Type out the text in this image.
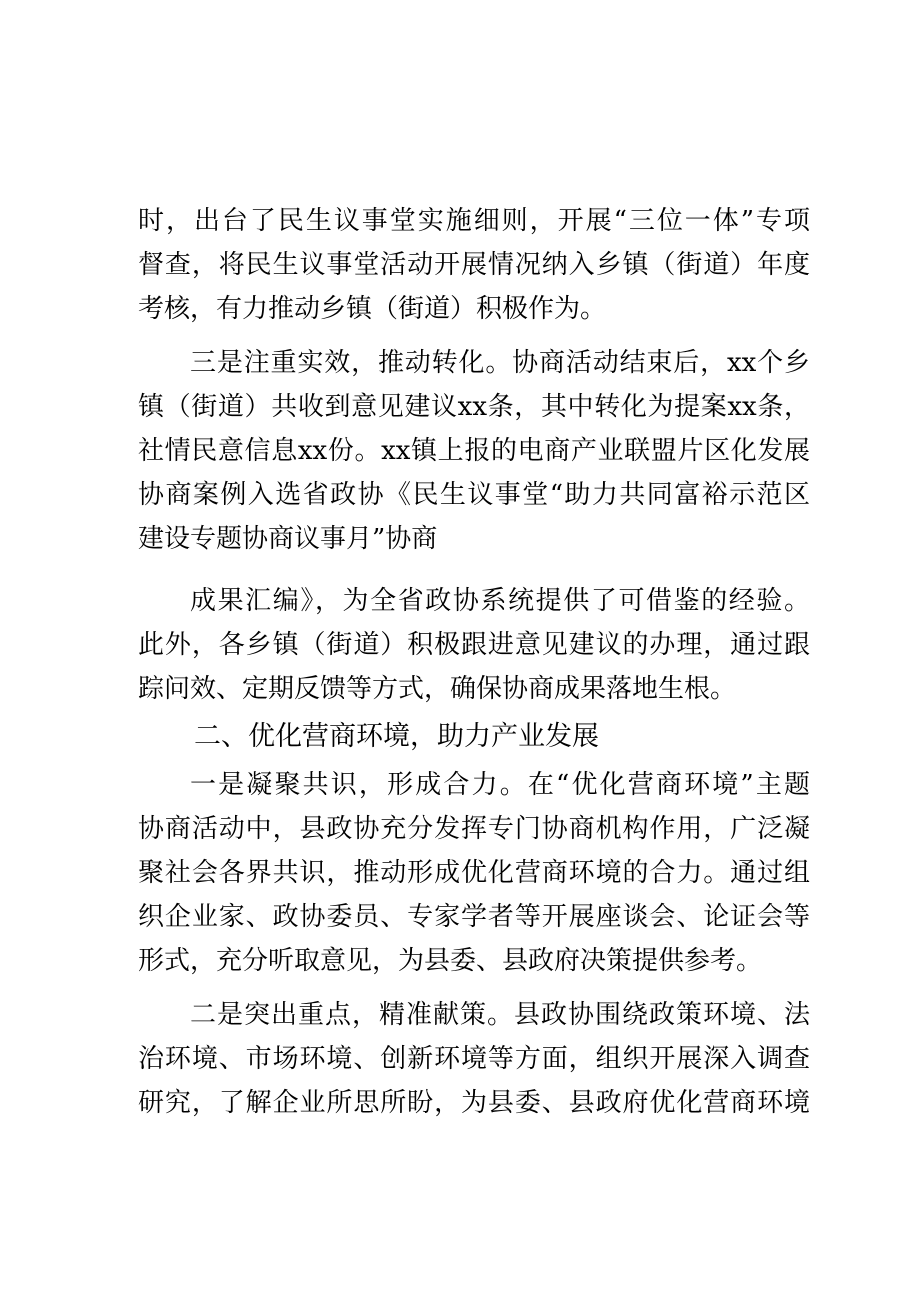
时，出台了民生议事堂实施细则，开展“三位一体”专项
督查，将民生议事堂活动开展情况纳入乡镇（街道）年度
考核，有力推动乡镇（街道）积极作为。
三是注重实效，推动转化。协商活动结束后，xx个乡
镇（街道）共收到意见建议xx条，其中转化为提案xx条，
社情民意信息xx份。xx镇上报的电商产业联盟片区化发展
协商案例入选省政协《民生议事堂“助力共同富裕示范区
建设专题协商议事月”协商
成果汇编》，为全省政协系统提供了可借鉴的经验。
此外，各乡镇（街道）积极跟进意见建议的办理，通过跟
踪问效、定期反馈等方式，确保协商成果落地生根。
二、优化营商环境，助力产业发展
一是凝聚共识，形成合力。在“优化营商环境”主题
协商活动中，县政协充分发挥专门协商机构作用，广泛凝
聚社会各界共识，推动形成优化营商环境的合力。通过组
织企业家、政协委员、专家学者等开展座谈会、论证会等
形式，充分听取意见，为县委、县政府决策提供参考。
二是突出重点，精准献策。县政协围绕政策环境、法
治环境、市场环境、创新环境等方面，组织开展深入调查
研究，了解企业所思所盼，为县委、县政府优化营商环境
